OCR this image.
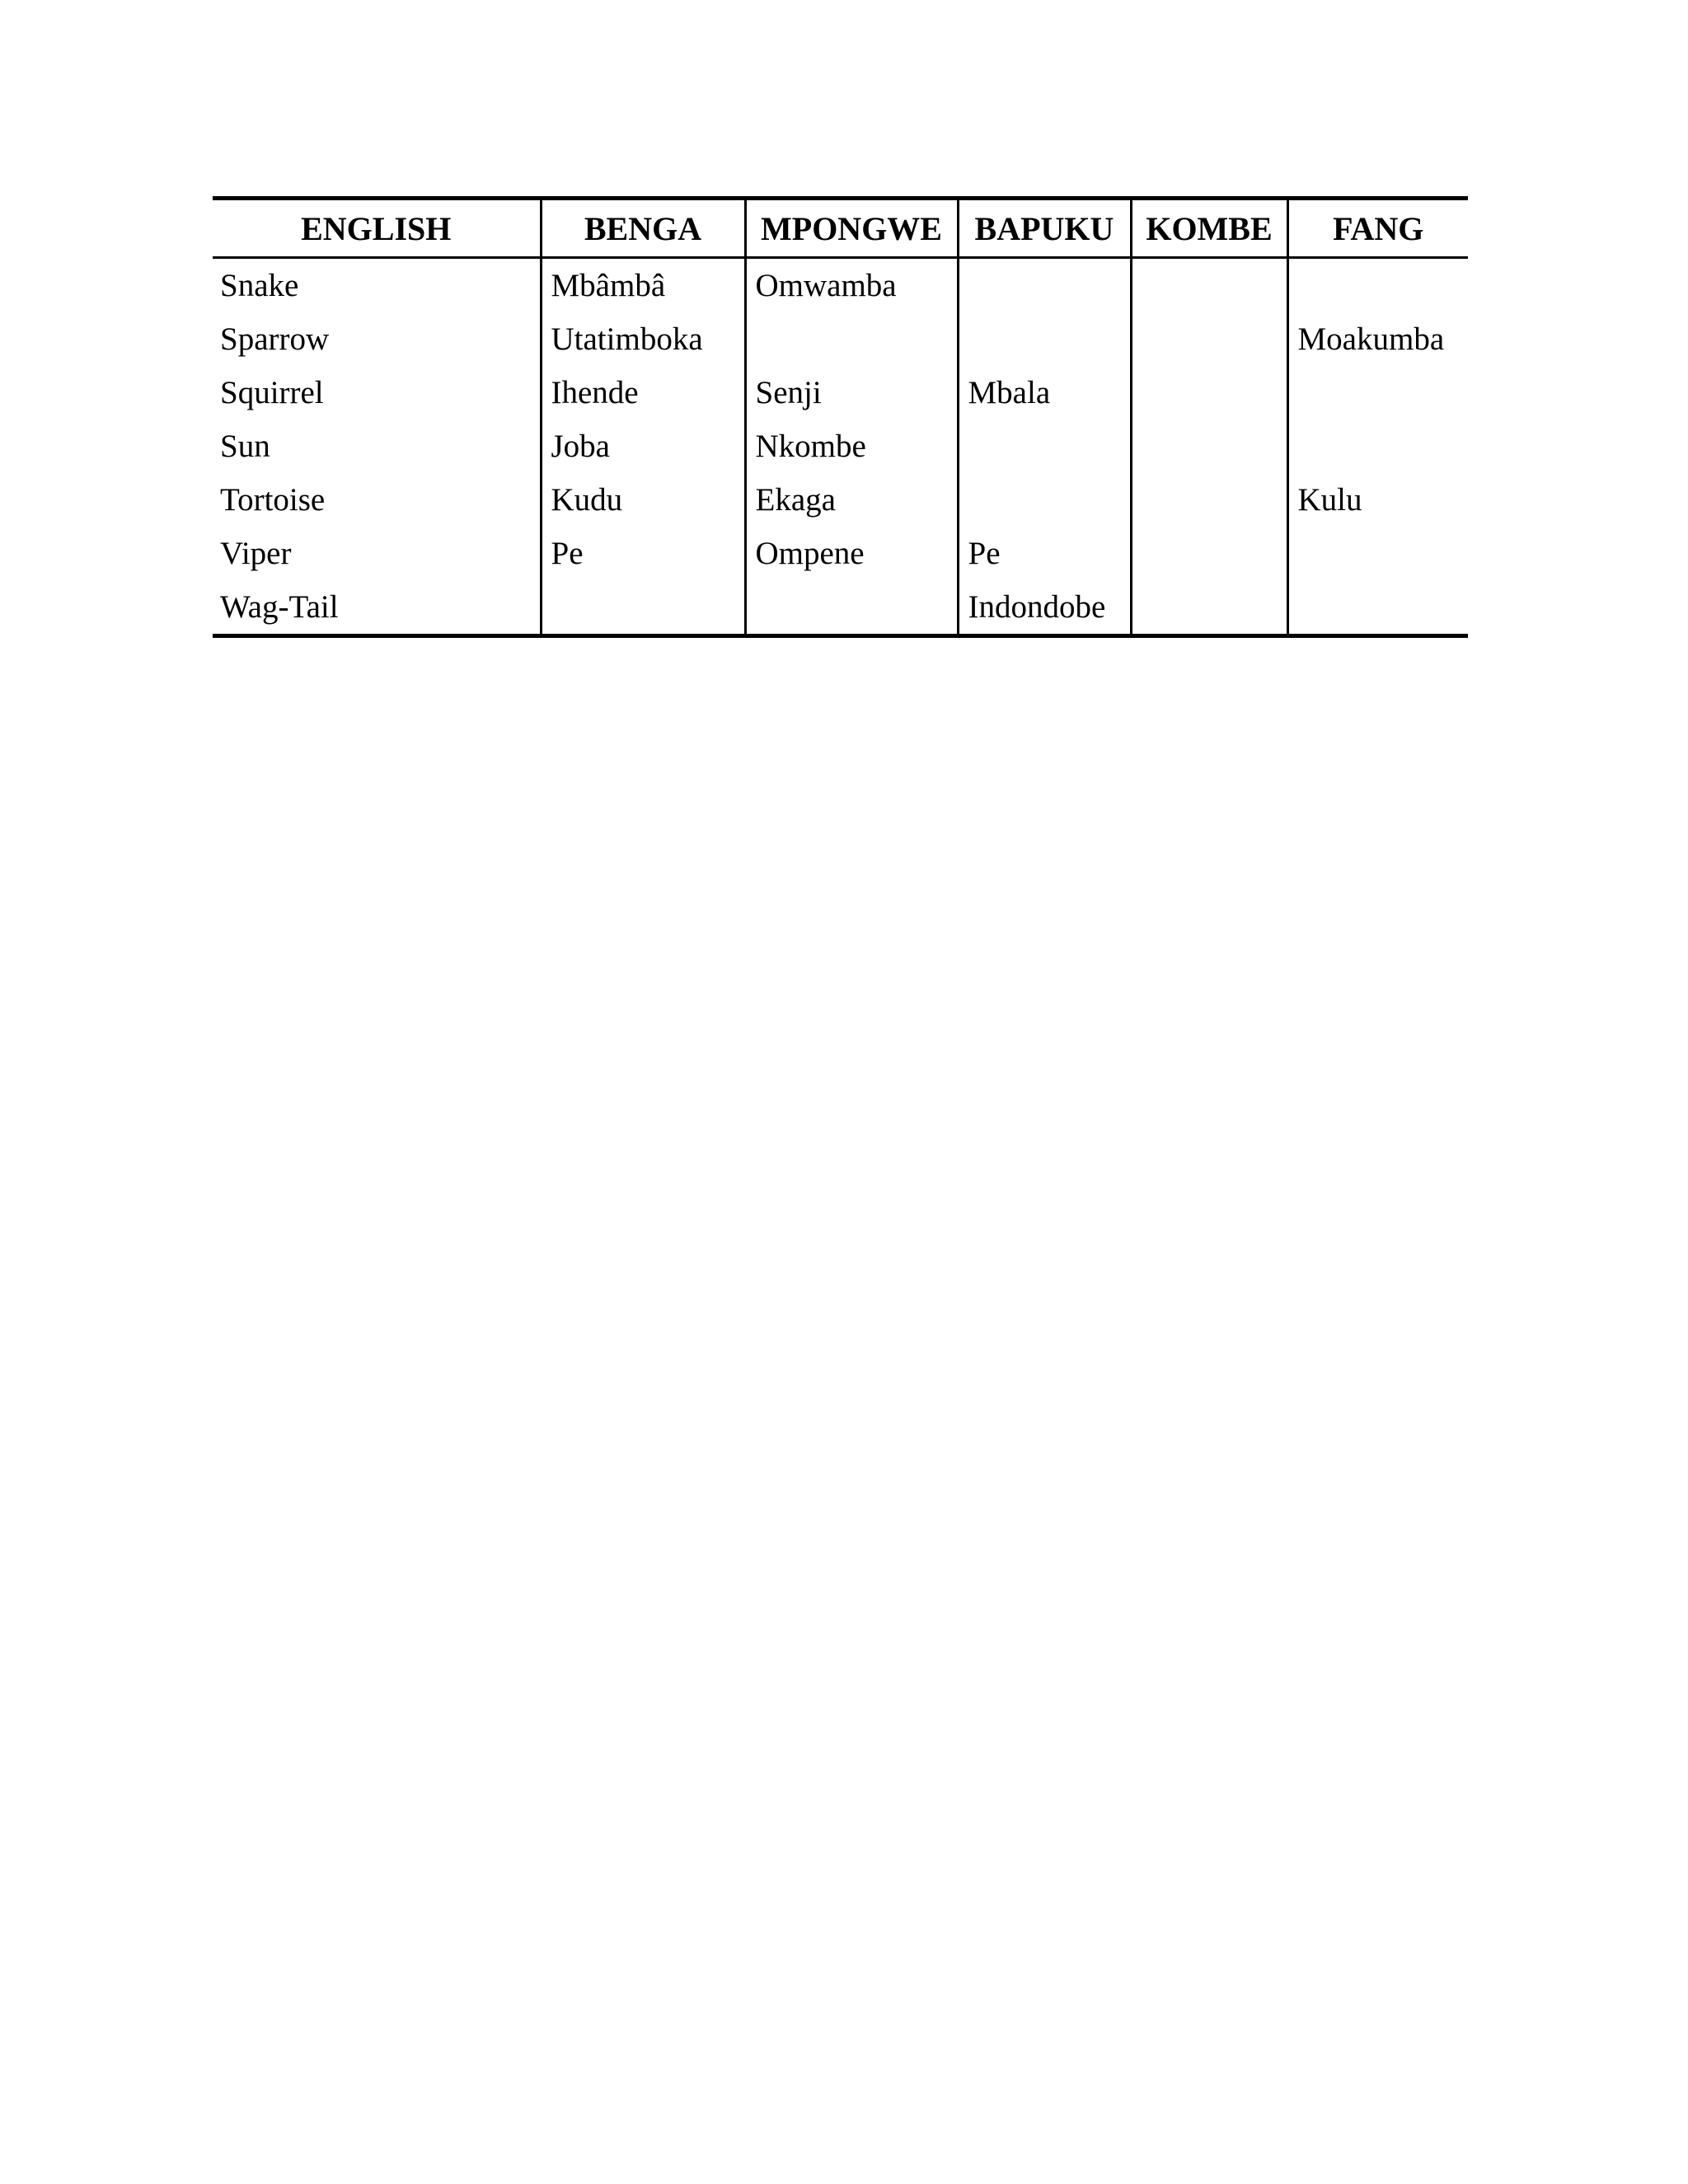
ENGLISH	BENGA	MPONGWE	BAPUKU	KOMBE	FANG
Snake	Mbâmbâ	Omwamba			
Sparrow	Utatimboka				Moakumba
Squirrel	Ihende	Senji	Mbala		
Sun	Joba	Nkombe			
Tortoise	Kudu	Ekaga			Kulu
Viper	Pe	Ompene	Pe		
Wag-Tail			Indondobe		
